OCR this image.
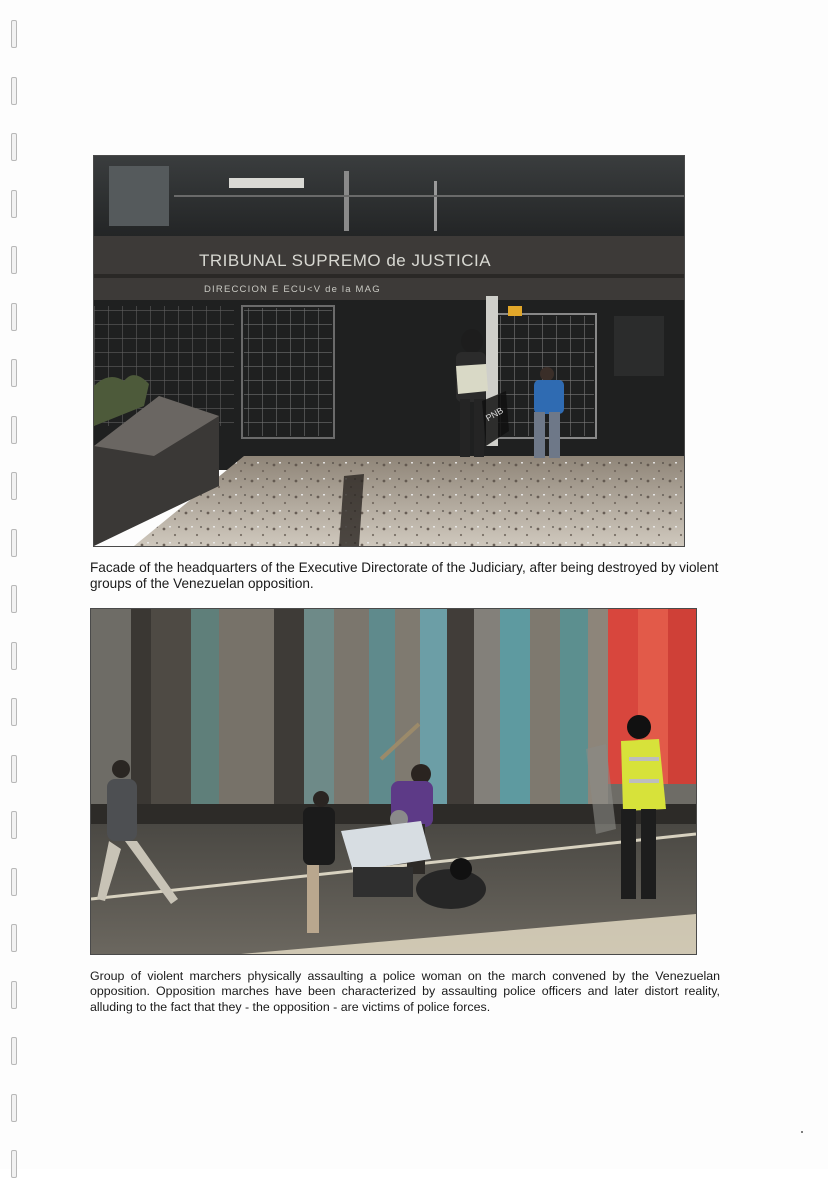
TRIBUNAL SUPREMO de JUSTICIA
DIRECCION E ECU<V de la MAG
PNB

Facade of the headquarters of the Executive Directorate of the Judiciary, after being destroyed by violent groups of the Venezuelan opposition.

Group of violent marchers physically assaulting a police woman on the march convened by the Venezuelan opposition. Opposition marches have been characterized by assaulting police officers and later distort reality, alluding to the fact that they - the opposition - are victims of police forces.
